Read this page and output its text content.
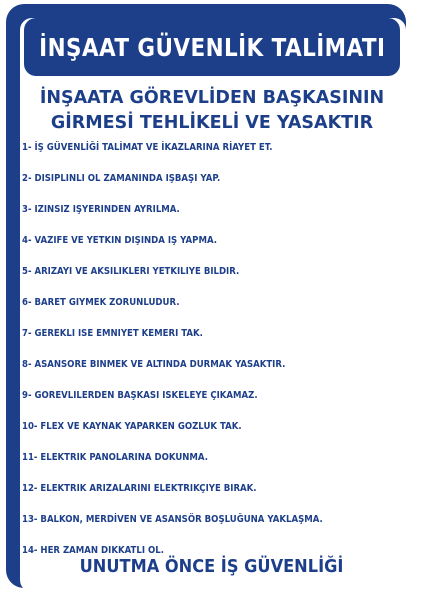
İNŞAAT GÜVENLİK TALİMATI
İNŞAATA GÖREVLİDEN BAŞKASININ
GİRMESİ TEHLİKELİ VE YASAKTIR
1- İŞ GÜVENLİĞİ TALİMAT VE İKAZLARINA RİAYET ET.
2- DİSİPLİNLİ OL ZAMANINDA İŞBAŞI YAP.
3- İZİNSİZ İŞYERİNDEN AYRILMA.
4- VAZİFE VE YETKİN DIŞINDA İŞ YAPMA.
5- ARIZAYI VE AKSİLİKLERİ YETKİLİYE BİLDİR.
6- BARET GİYMEK ZORUNLUDUR.
7- GEREKLİ İSE EMNİYET KEMERİ TAK.
8- ASANSÖRE BİNMEK VE ALTINDA DURMAK YASAKTIR.
9- GÖREVLİLERDEN BAŞKASI İSKELEYE ÇIKAMAZ.
10- FLEX VE KAYNAK YAPARKEN GÖZLÜK TAK.
11- ELEKTRİK PANOLARINA DOKUNMA.
12- ELEKTRİK ARIZALARINI ELEKTRİKÇİYE BIRAK.
13- BALKON, MERDİVEN VE ASANSÖR BOŞLUĞUNA YAKLAŞMA.
14- HER ZAMAN DİKKATLİ OL.
UNUTMA ÖNCE İŞ GÜVENLİĞİ
